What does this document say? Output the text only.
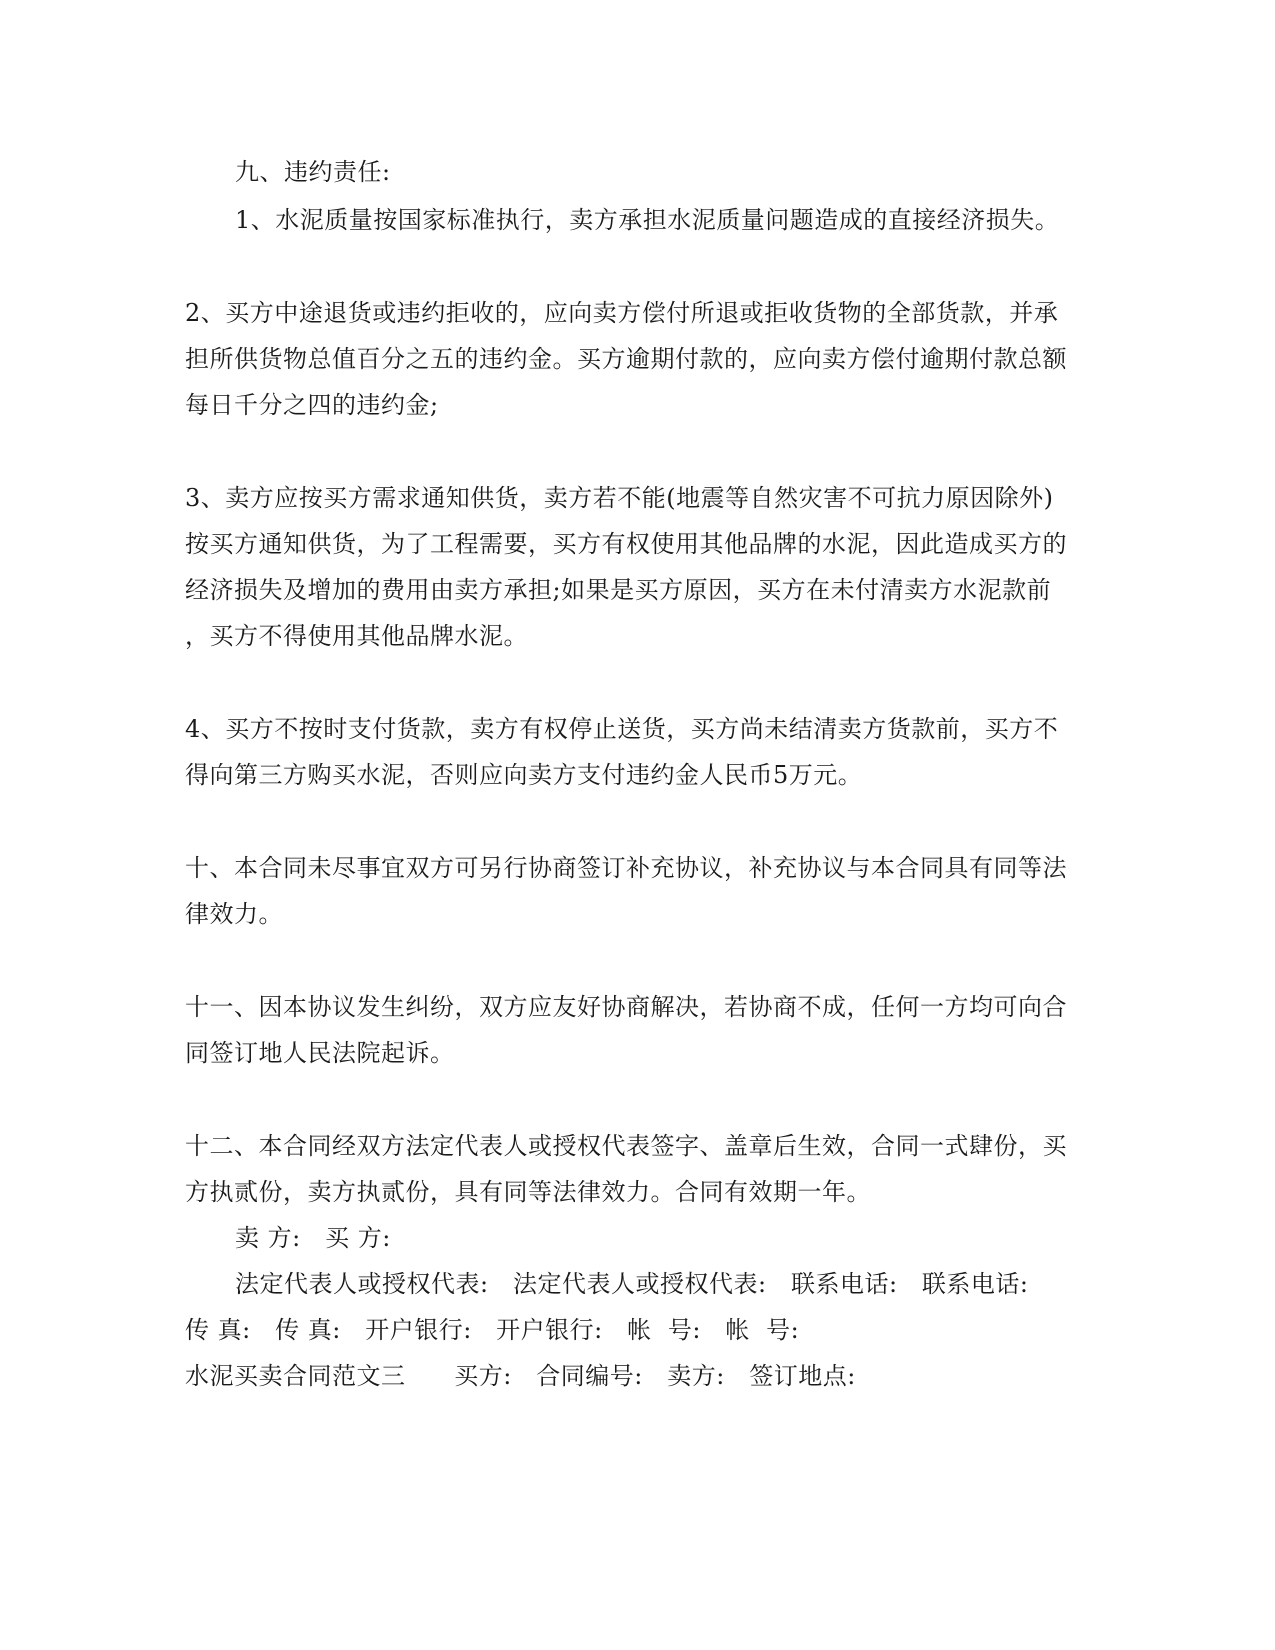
九、违约责任:
1、水泥质量按国家标准执行，卖方承担水泥质量问题造成的直接经济损失。
2、买方中途退货或违约拒收的，应向卖方偿付所退或拒收货物的全部货款，并承
担所供货物总值百分之五的违约金。买方逾期付款的，应向卖方偿付逾期付款总额
每日千分之四的违约金;
3、卖方应按买方需求通知供货，卖方若不能(地震等自然灾害不可抗力原因除外)
按买方通知供货，为了工程需要，买方有权使用其他品牌的水泥，因此造成买方的
经济损失及增加的费用由卖方承担;如果是买方原因，买方在未付清卖方水泥款前
，买方不得使用其他品牌水泥。
4、买方不按时支付货款，卖方有权停止送货，买方尚未结清卖方货款前，买方不
得向第三方购买水泥，否则应向卖方支付违约金人民币5万元。
十、本合同未尽事宜双方可另行协商签订补充协议，补充协议与本合同具有同等法
律效力。
十一、因本协议发生纠纷，双方应友好协商解决，若协商不成，任何一方均可向合
同签订地人民法院起诉。
十二、本合同经双方法定代表人或授权代表签字、盖章后生效，合同一式肆份，买
方执贰份，卖方执贰份，具有同等法律效力。合同有效期一年。
卖 方:   买 方:
法定代表人或授权代表:   法定代表人或授权代表:   联系电话:   联系电话:
传 真:   传 真:   开户银行:   开户银行:   帐  号:   帐  号:
水泥买卖合同范文三      买方:   合同编号:   卖方:   签订地点:
